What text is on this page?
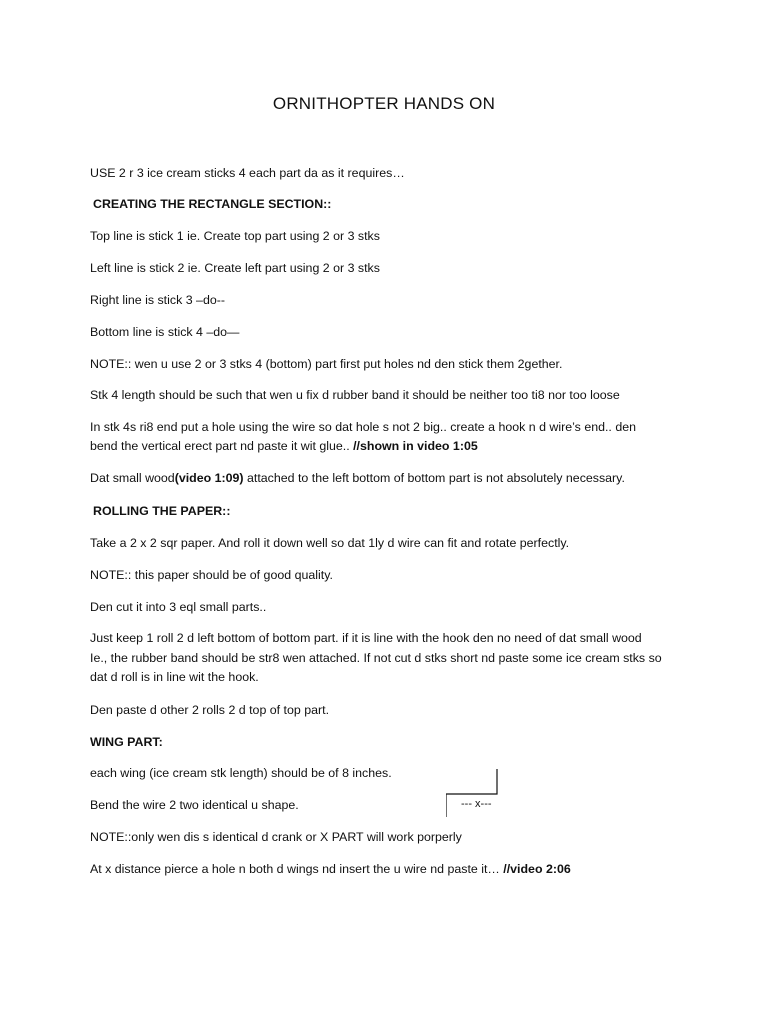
ORNITHOPTER HANDS ON
USE 2 r 3 ice cream sticks 4 each part da as it requires…
CREATING THE RECTANGLE SECTION::
Top line is stick 1 ie. Create top part using 2 or 3 stks
Left line is stick 2 ie. Create left part using 2 or 3 stks
Right line is stick 3 –do--
Bottom line is stick 4 –do—
NOTE:: wen u use 2 or 3 stks 4 (bottom) part first put holes nd den stick them 2gether.
Stk 4 length should be such that wen u fix d rubber band it should be neither too ti8 nor too loose
In stk 4s ri8 end put a hole using the wire so dat hole s not 2 big.. create a hook n d wire’s end.. den
bend the vertical erect part nd paste it wit glue.. //shown in video 1:05
Dat small wood(video 1:09) attached to the left bottom of bottom part is not absolutely necessary.
ROLLING THE PAPER::
Take a 2 x 2 sqr paper. And roll it down well so dat 1ly d wire can fit and rotate perfectly.
NOTE:: this paper should be of good quality.
Den cut it into 3 eql small parts..
Just keep 1 roll 2 d left bottom of bottom part. if it is line with the hook den no need of dat small wood
Ie., the rubber band should be str8 wen attached. If not cut d stks short nd paste some ice cream stks so
dat d roll is in line wit the hook.
Den paste d other 2 rolls 2 d top of top part.
WING PART:
each wing (ice cream stk length) should be of 8 inches.
Bend the wire 2 two identical u shape.
NOTE::only wen dis s identical d crank or X PART will work porperly
At x distance pierce a hole n both d wings nd insert the u wire nd paste it… //video 2:06
--- x---
